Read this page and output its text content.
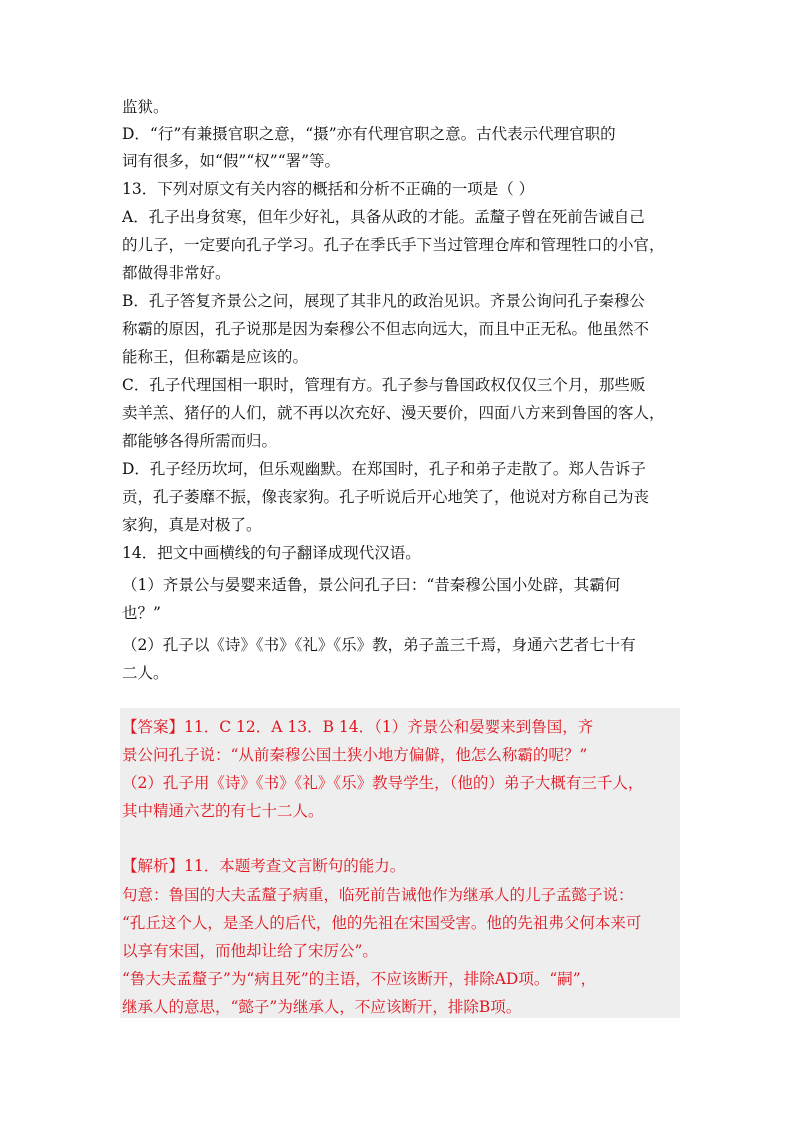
监狱。
D．“行”有兼摄官职之意，“摄”亦有代理官职之意。古代表示代理官职的
词有很多，如“假”“权”“署”等。
13．下列对原文有关内容的概括和分析不正确的一项是（ ）
A．孔子出身贫寒，但年少好礼，具备从政的才能。孟釐子曾在死前告诫自己
的儿子，一定要向孔子学习。孔子在季氏手下当过管理仓库和管理牲口的小官，
都做得非常好。
B．孔子答复齐景公之问，展现了其非凡的政治见识。齐景公询问孔子秦穆公
称霸的原因，孔子说那是因为秦穆公不但志向远大，而且中正无私。他虽然不
能称王，但称霸是应该的。
C．孔子代理国相一职时，管理有方。孔子参与鲁国政权仅仅三个月，那些贩
卖羊羔、猪仔的人们，就不再以次充好、漫天要价，四面八方来到鲁国的客人，
都能够各得所需而归。
D．孔子经历坎坷，但乐观幽默。在郑国时，孔子和弟子走散了。郑人告诉子
贡，孔子萎靡不振，像丧家狗。孔子听说后开心地笑了，他说对方称自己为丧
家狗，真是对极了。
14．把文中画横线的句子翻译成现代汉语。
（1）齐景公与晏婴来适鲁，景公问孔子曰：“昔秦穆公国小处辟，其霸何
也？”
（2）孔子以《诗》《书》《礼》《乐》教，弟子盖三千焉，身通六艺者七十有
二人。
【答案】11．C 12．A 13．B 14．（1）齐景公和晏婴来到鲁国，齐
景公问孔子说：“从前秦穆公国土狭小地方偏僻，他怎么称霸的呢？”
（2）孔子用《诗》《书》《礼》《乐》教导学生，（他的）弟子大概有三千人，
其中精通六艺的有七十二人。
【解析】11．本题考查文言断句的能力。
句意：鲁国的大夫孟釐子病重，临死前告诫他作为继承人的儿子孟懿子说：
“孔丘这个人，是圣人的后代，他的先祖在宋国受害。他的先祖弗父何本来可
以享有宋国，而他却让给了宋厉公”。
“鲁大夫孟釐子”为“病且死”的主语，不应该断开，排除AD项。“嗣”，
继承人的意思，“懿子”为继承人，不应该断开，排除B项。
